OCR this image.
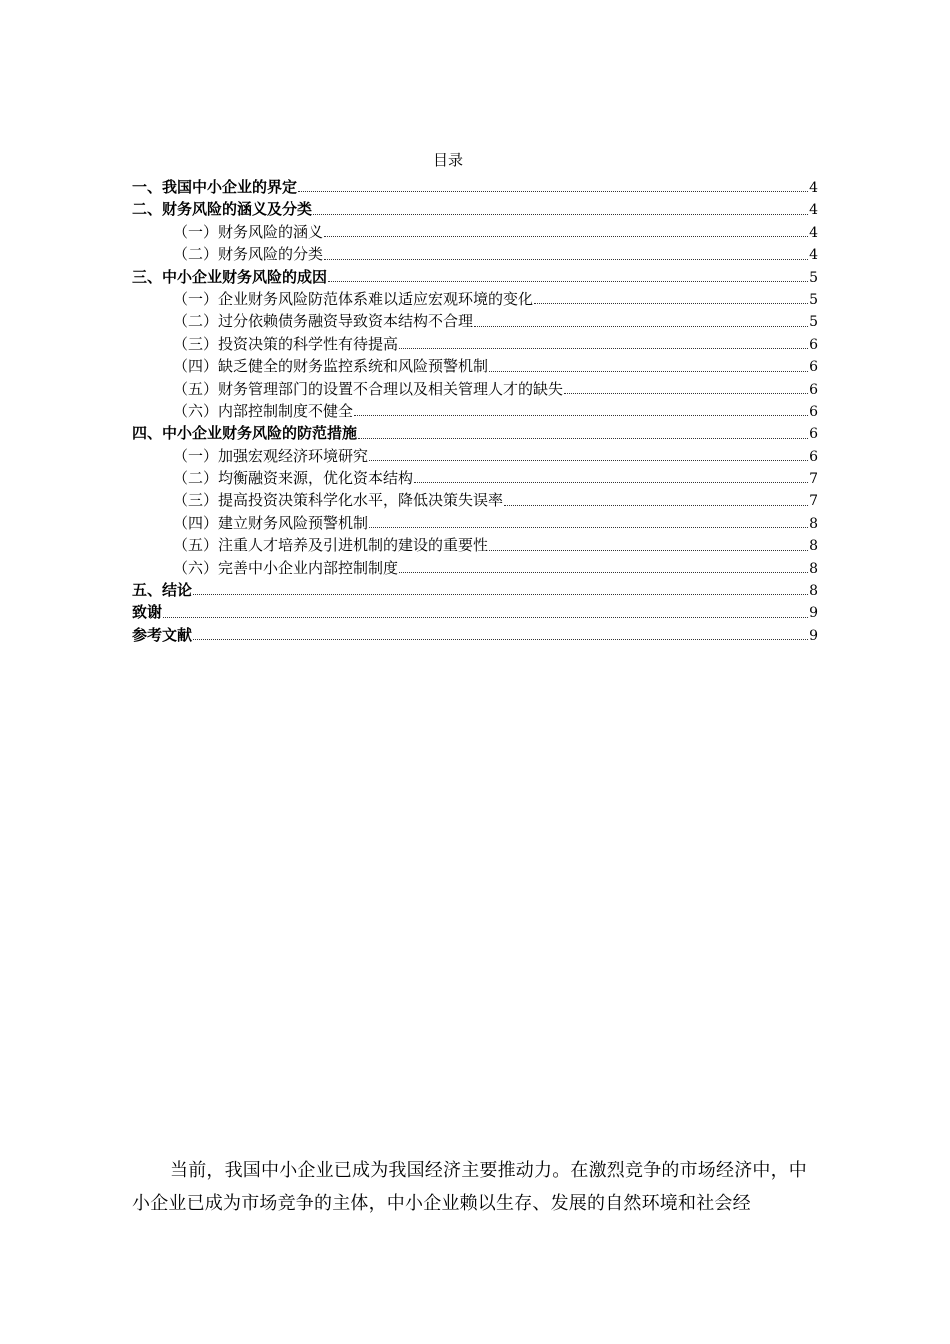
目录
一、我国中小企业的界定	4
二、财务风险的涵义及分类	4
（一）财务风险的涵义	4
（二）财务风险的分类	4
三、中小企业财务风险的成因	5
（一）企业财务风险防范体系难以适应宏观环境的变化	5
（二）过分依赖债务融资导致资本结构不合理	5
（三）投资决策的科学性有待提高	6
（四）缺乏健全的财务监控系统和风险预警机制	6
（五）财务管理部门的设置不合理以及相关管理人才的缺失	6
（六）内部控制制度不健全	6
四、中小企业财务风险的防范措施	6
（一）加强宏观经济环境研究	6
（二）均衡融资来源，优化资本结构	7
（三）提高投资决策科学化水平，降低决策失误率	7
（四）建立财务风险预警机制	8
（五）注重人才培养及引进机制的建设的重要性	8
（六）完善中小企业内部控制制度	8
五、结论	8
致谢	9
参考文献	9
当前，我国中小企业已成为我国经济主要推动力。在激烈竞争的市场经济中，中小企业已成为市场竞争的主体，中小企业赖以生存、发展的自然环境和社会经
